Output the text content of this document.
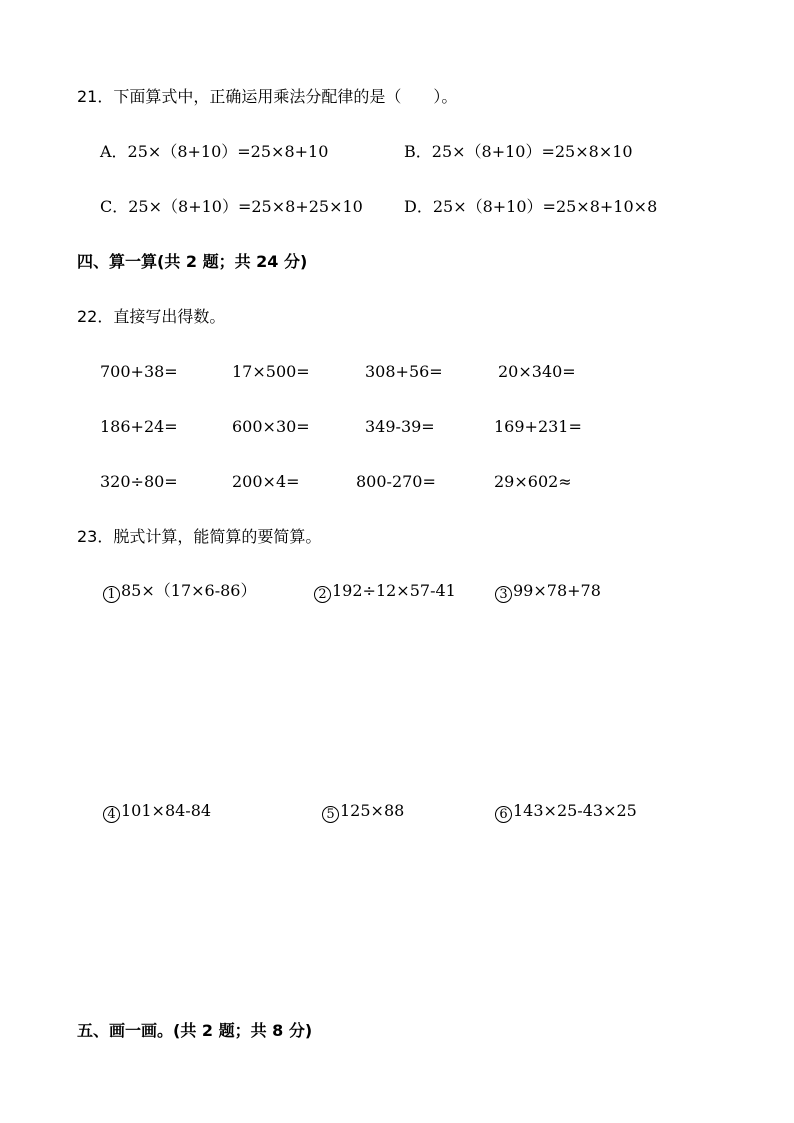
21．下面算式中，正确运用乘法分配律的是（　　）。
A．25×（8+10）=25×8+10	B．25×（8+10）=25×8×10
C．25×（8+10）=25×8+25×10	D．25×（8+10）=25×8+10×8
四、算一算(共 2 题；共 24 分)
22．直接写出得数。
700+38=	17×500=	308+56=	20×340=
186+24=	600×30=	349-39=	169+231=
320÷80=	200×4=	800-270=	29×602≈
23．脱式计算，能简算的要简算。
1 85×（17×6-86）	2 192÷12×57-41	3 99×78+78
4 101×84-84	5 125×88	6 143×25-43×25
五、画一画。(共 2 题；共 8 分)
